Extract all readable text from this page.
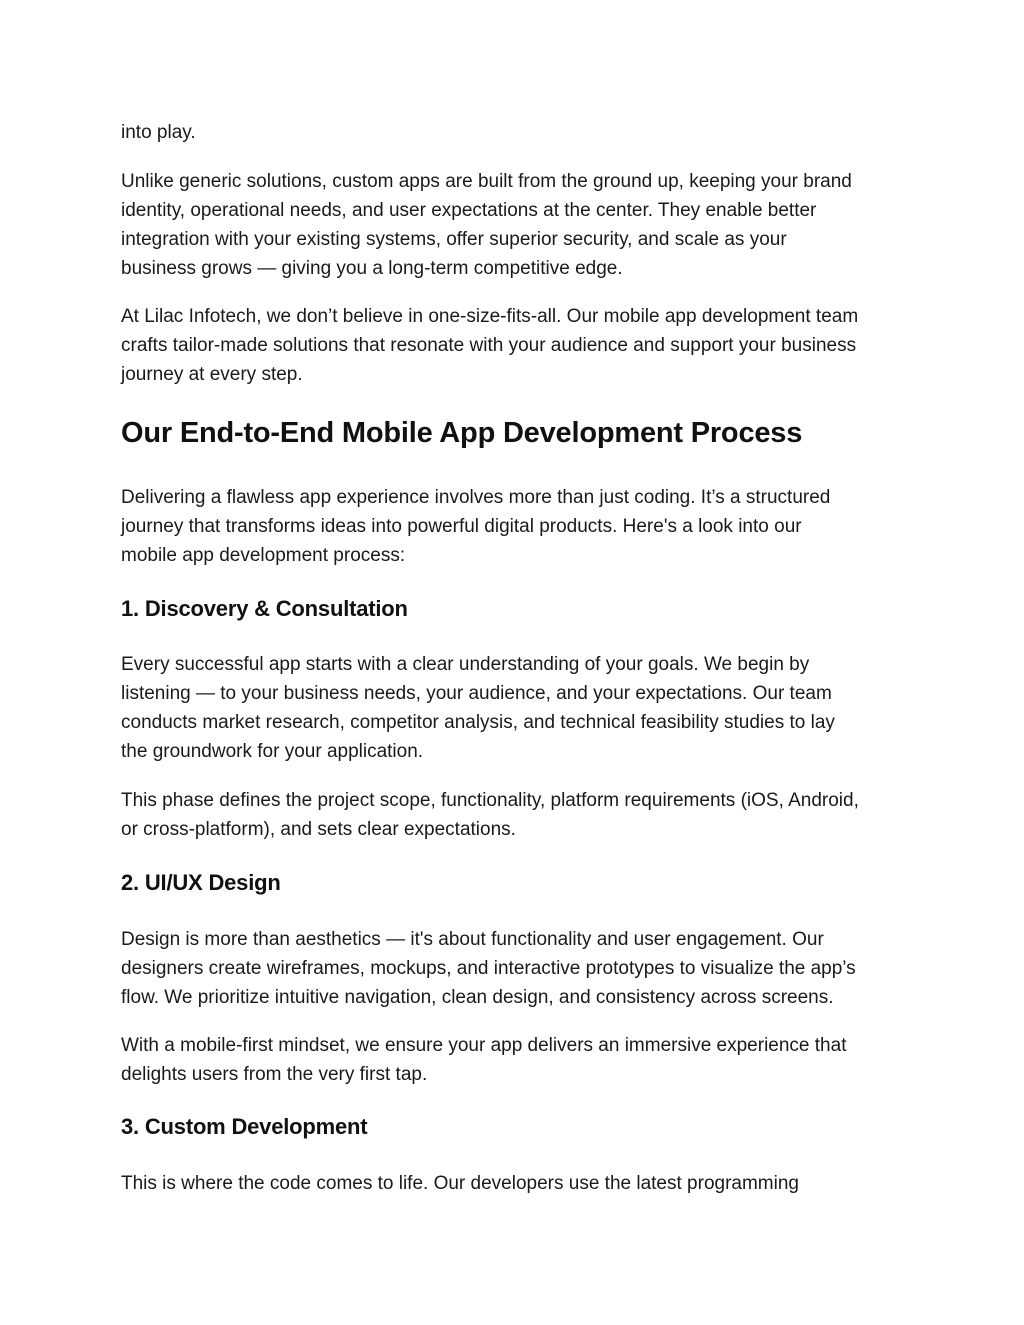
into play.

Unlike generic solutions, custom apps are built from the ground up, keeping your brand
identity, operational needs, and user expectations at the center. They enable better
integration with your existing systems, offer superior security, and scale as your
business grows — giving you a long-term competitive edge.

At Lilac Infotech, we don’t believe in one-size-fits-all. Our mobile app development team
crafts tailor-made solutions that resonate with your audience and support your business
journey at every step.

Our End-to-End Mobile App Development Process

Delivering a flawless app experience involves more than just coding. It’s a structured
journey that transforms ideas into powerful digital products. Here's a look into our
mobile app development process:

1. Discovery & Consultation

Every successful app starts with a clear understanding of your goals. We begin by
listening — to your business needs, your audience, and your expectations. Our team
conducts market research, competitor analysis, and technical feasibility studies to lay
the groundwork for your application.

This phase defines the project scope, functionality, platform requirements (iOS, Android,
or cross-platform), and sets clear expectations.

2. UI/UX Design

Design is more than aesthetics — it's about functionality and user engagement. Our
designers create wireframes, mockups, and interactive prototypes to visualize the app’s
flow. We prioritize intuitive navigation, clean design, and consistency across screens.

With a mobile-first mindset, we ensure your app delivers an immersive experience that
delights users from the very first tap.

3. Custom Development

This is where the code comes to life. Our developers use the latest programming
